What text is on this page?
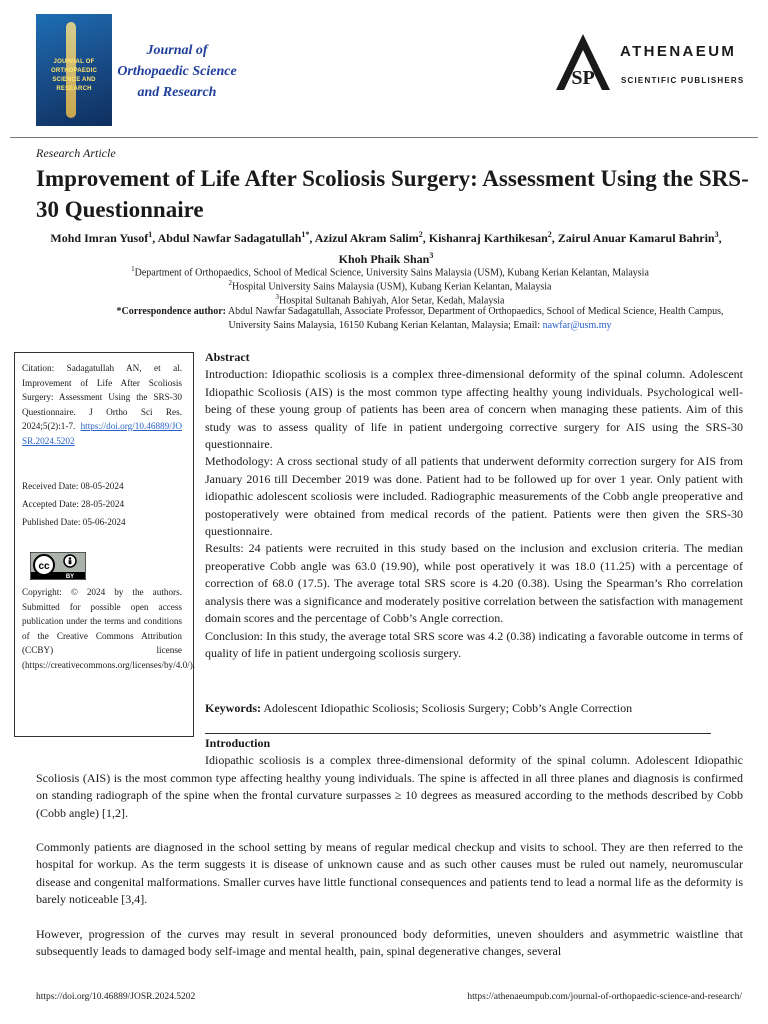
JOURNAL OF ORTHOPAEDIC SCIENCE AND RESEARCH
Journal of Orthopaedic Science and Research
SP
ATHENAEUM
SCIENTIFIC PUBLISHERS
Research Article
Improvement of Life After Scoliosis Surgery: Assessment Using the SRS-30 Questionnaire
Mohd Imran Yusof$^1$, Abdul Nawfar Sadagatullah$^{1*}$, Azizul Akram Salim$^2$, Kishanraj Karthikesan$^2$, Zairul Anuar Kamarul Bahrin$^3$, Khoh Phaik Shan$^3$
$^1$Department of Orthopaedics, School of Medical Science, University Sains Malaysia (USM), Kubang Kerian Kelantan, Malaysia
$^2$Hospital University Sains Malaysia (USM), Kubang Kerian Kelantan, Malaysia
$^3$Hospital Sultanah Bahiyah, Alor Setar, Kedah, Malaysia
*Correspondence author: Abdul Nawfar Sadagatullah, Associate Professor, Department of Orthopaedics, School of Medical Science, Health Campus, University Sains Malaysia, 16150 Kubang Kerian Kelantan, Malaysia; Email: nawfar@usm.my
Citation: Sadagatullah AN, et al. Improvement of Life After Scoliosis Surgery: Assessment Using the SRS-30 Questionnaire. J Ortho Sci Res. 2024;5(2):1-7. https://doi.org/10.46889/JOSR.2024.5202
Received Date: 08-05-2024
Accepted Date: 28-05-2024
Published Date: 05-06-2024
cc
BY
Copyright: © 2024 by the authors. Submitted for possible open access publication under the terms and conditions of the Creative Commons Attribution (CCBY) license (https://creativecommons.org/licenses/by/4.0/).

Abstract

Introduction: Idiopathic scoliosis is a complex three-dimensional deformity of the spinal column. Adolescent Idiopathic Scoliosis (AIS) is the most common type affecting healthy young individuals. Psychological well-being of these young group of patients has been area of concern when managing these patients. Aim of this study was to assess quality of life in patient undergoing corrective surgery for AIS using the SRS-30 questionnaire.

Methodology: A cross sectional study of all patients that underwent deformity correction surgery for AIS from January 2016 till December 2019 was done. Patient had to be followed up for over 1 year. Only patient with idiopathic adolescent scoliosis were included. Radiographic measurements of the Cobb angle preoperative and postoperatively were obtained from medical records of the patient. Patients were then given the SRS-30 questionnaire.

Results: 24 patients were recruited in this study based on the inclusion and exclusion criteria. The median preoperative Cobb angle was 63.0 (19.90), while post operatively it was 18.0 (11.25) with a percentage of correction of 68.0 (17.5). The average total SRS score is 4.20 (0.38). Using the Spearman’s Rho correlation analysis there was a significance and moderately positive correlation between the satisfaction with management domain scores and the percentage of Cobb’s Angle correction.

Conclusion: In this study, the average total SRS score was 4.2 (0.38) indicating a favorable outcome in terms of quality of life in patient undergoing scoliosis surgery.

Keywords: Adolescent Idiopathic Scoliosis; Scoliosis Surgery; Cobb’s Angle Correction

Introduction

Idiopathic scoliosis is a complex three-dimensional deformity of the spinal column. Adolescent Idiopathic Scoliosis (AIS) is the most common type affecting healthy young individuals. The spine is affected in all three planes and diagnosis is confirmed on standing radiograph of the spine when the frontal curvature surpasses ≥ 10 degrees as measured according to the methods described by Cobb (Cobb angle) [1,2].

Commonly patients are diagnosed in the school setting by means of regular medical checkup and visits to school. They are then referred to the hospital for workup. As the term suggests it is disease of unknown cause and as such other causes must be ruled out namely, neuromuscular disease and congenital malformations. Smaller curves have little functional consequences and patients tend to lead a normal life as the deformity is barely noticeable [3,4].

However, progression of the curves may result in several pronounced body deformities, uneven shoulders and asymmetric waistline that subsequently leads to damaged body self-image and mental health, pain, spinal degenerative changes, several

https://doi.org/10.46889/JOSR.2024.5202	https://athenaeumpub.com/journal-of-orthopaedic-science-and-research/
